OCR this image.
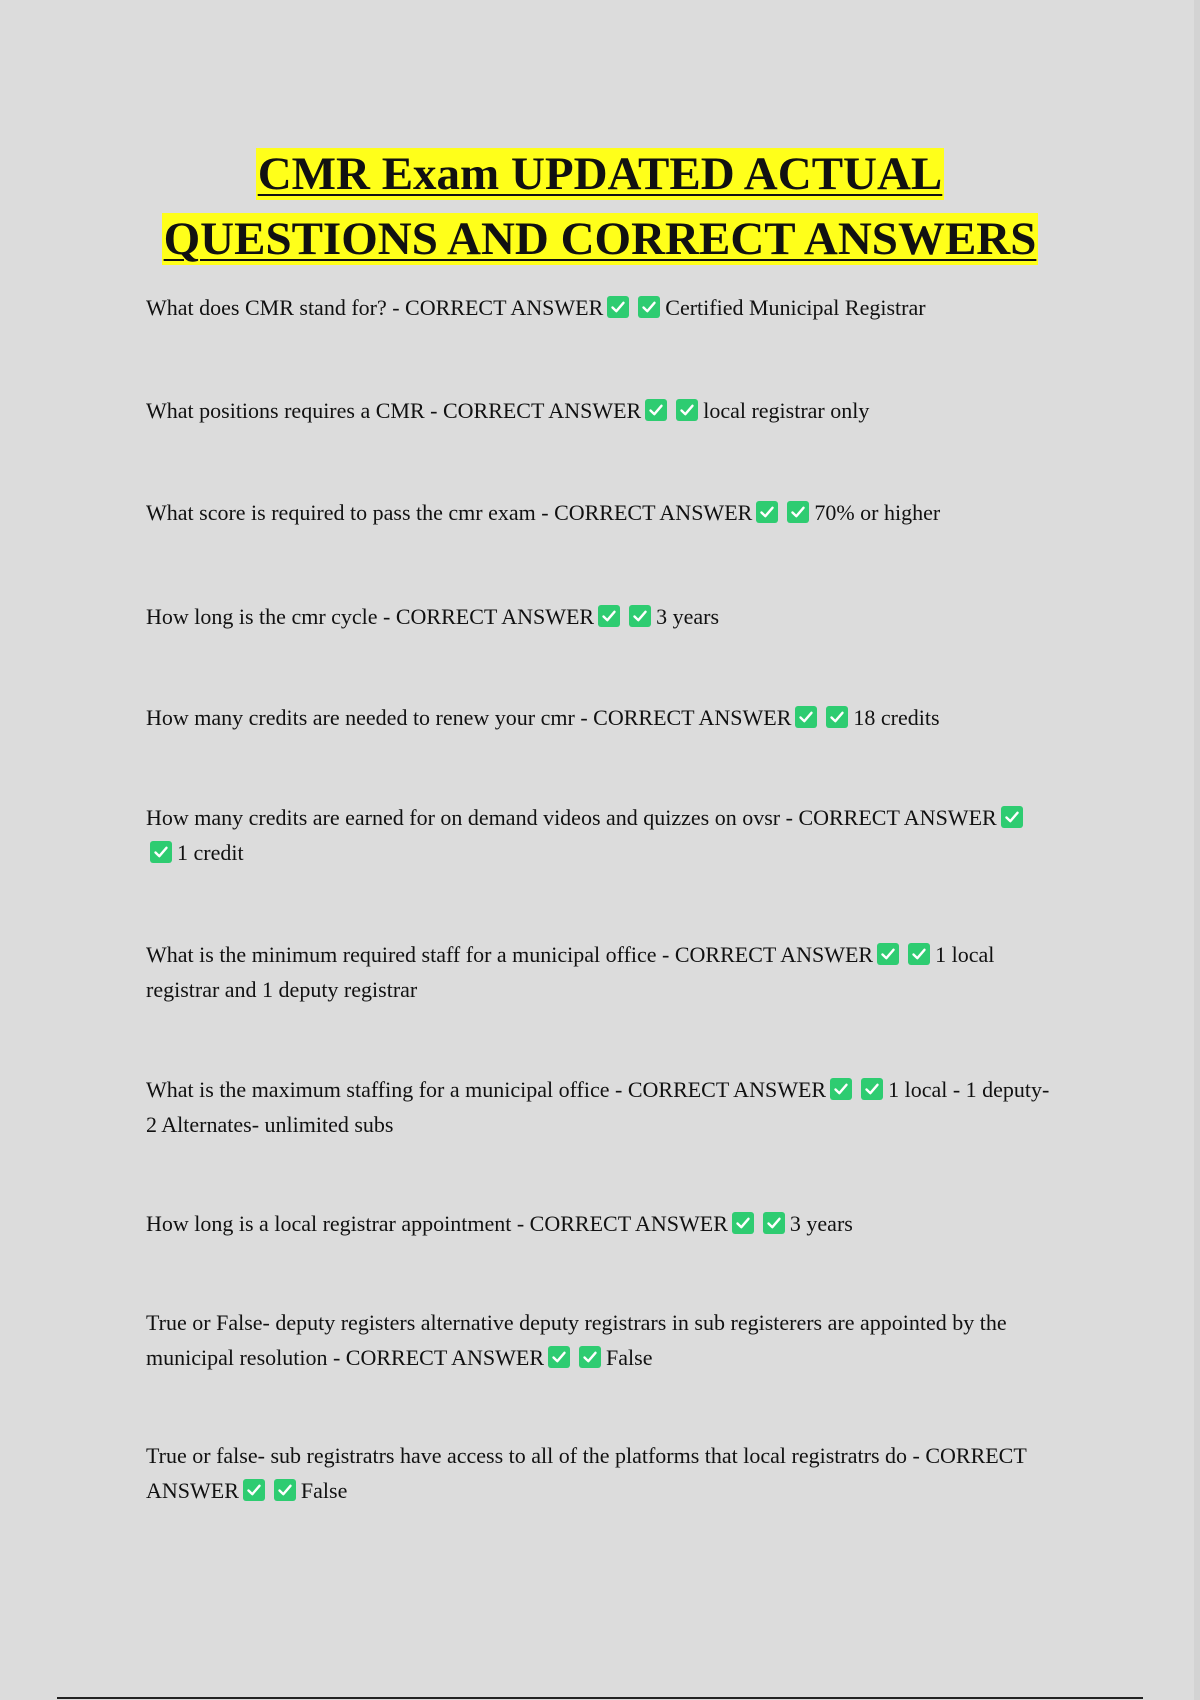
CMR Exam UPDATED ACTUAL
QUESTIONS AND CORRECT ANSWERS

What does CMR stand for? - CORRECT ANSWER	Certified Municipal Registrar

What positions requires a CMR - CORRECT ANSWER	local registrar only

What score is required to pass the cmr exam - CORRECT ANSWER	70% or higher

How long is the cmr cycle - CORRECT ANSWER	3 years

How many credits are needed to renew your cmr - CORRECT ANSWER	18 credits

How many credits are earned for on demand videos and quizzes on ovsr - CORRECT ANSWER
1 credit

What is the minimum required staff for a municipal office - CORRECT ANSWER	1 local registrar and 1 deputy registrar

What is the maximum staffing for a municipal office - CORRECT ANSWER	1 local - 1 deputy- 2 Alternates- unlimited subs

How long is a local registrar appointment - CORRECT ANSWER	3 years

True or False- deputy registers alternative deputy registrars in sub registerers are appointed by the municipal resolution - CORRECT ANSWER	False

True or false- sub registratrs have access to all of the platforms that local registratrs do - CORRECT ANSWER	False
